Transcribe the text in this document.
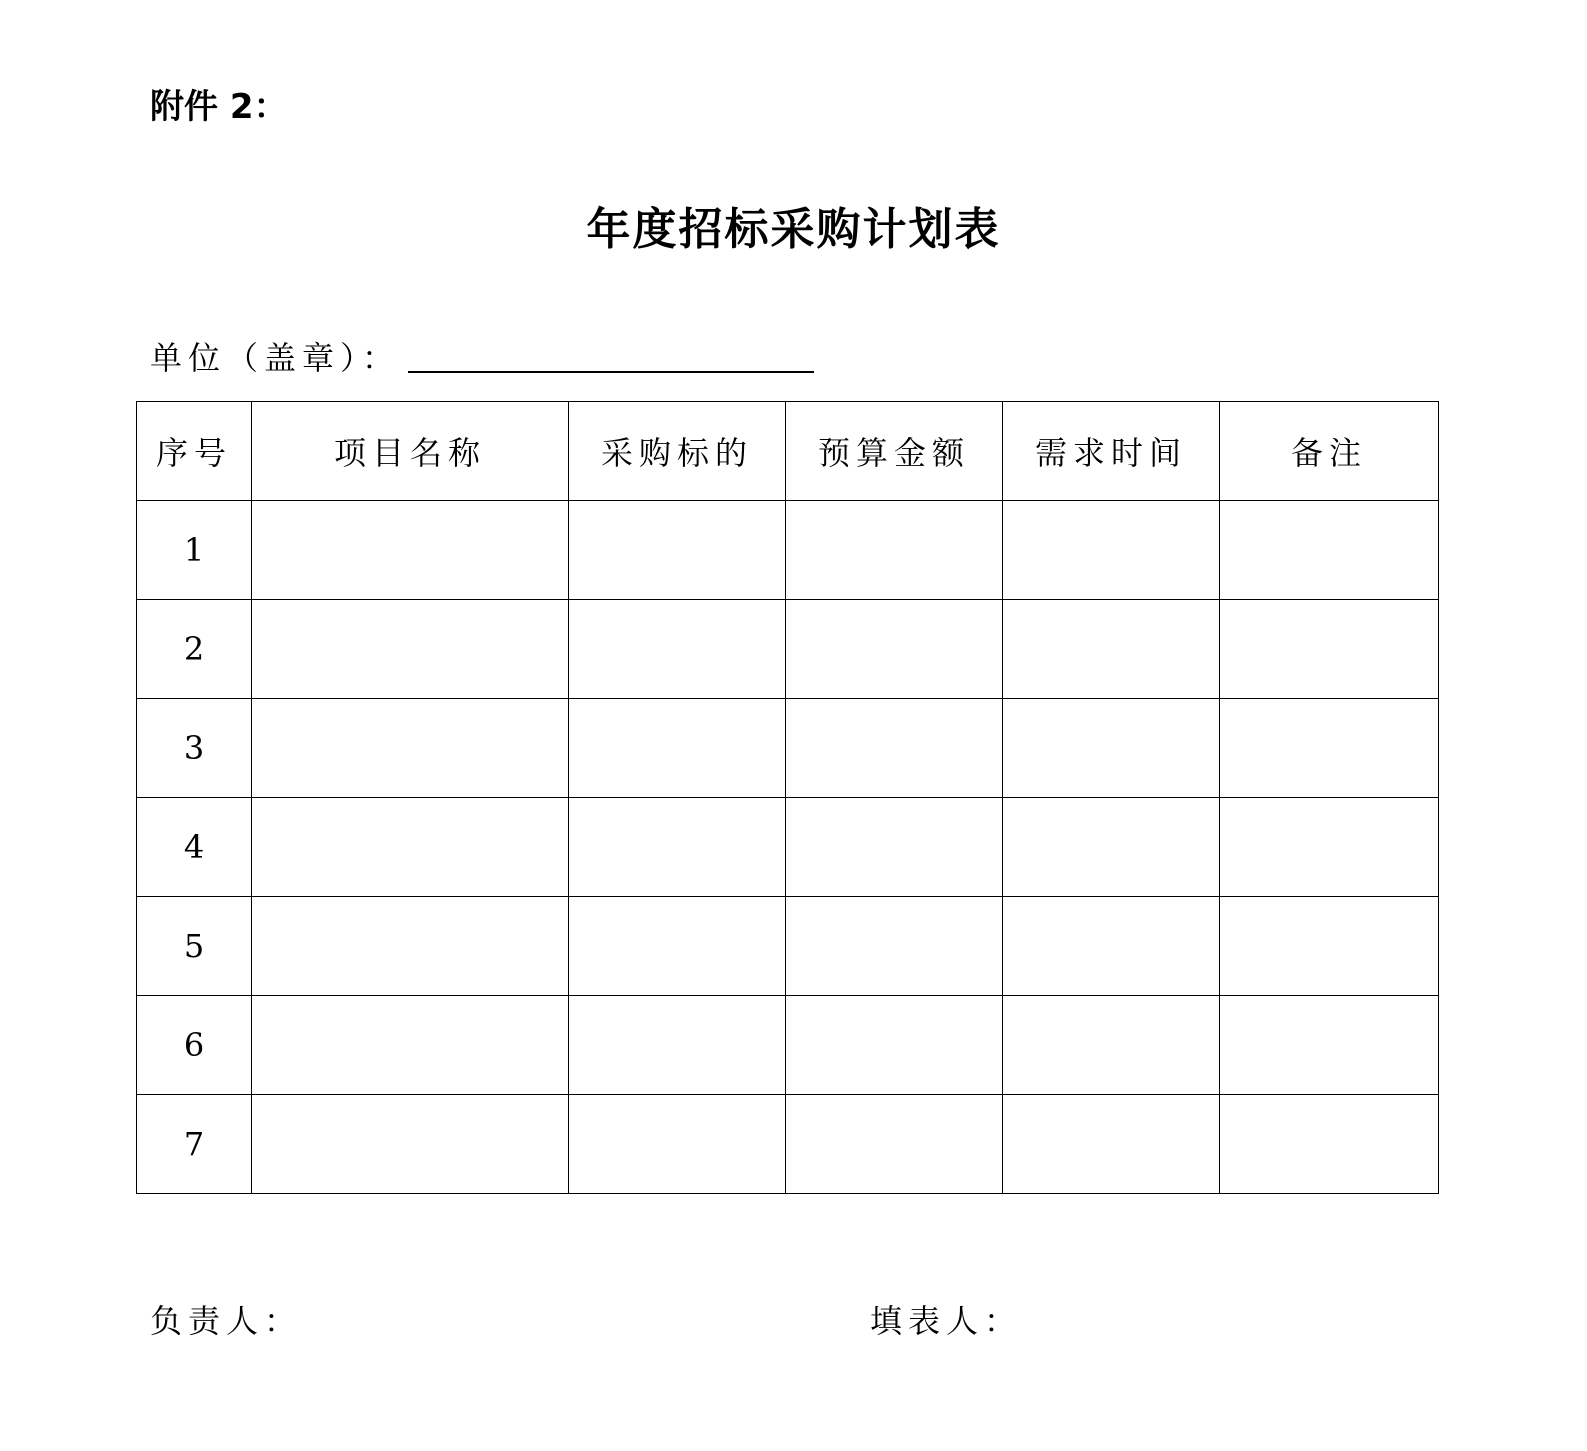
附件 2：
年度招标采购计划表
单位（盖章）：
序号	项目名称	采购标的	预算金额	需求时间	备注
1					
2					
3					
4					
5					
6					
7					
负责人：	填表人：
